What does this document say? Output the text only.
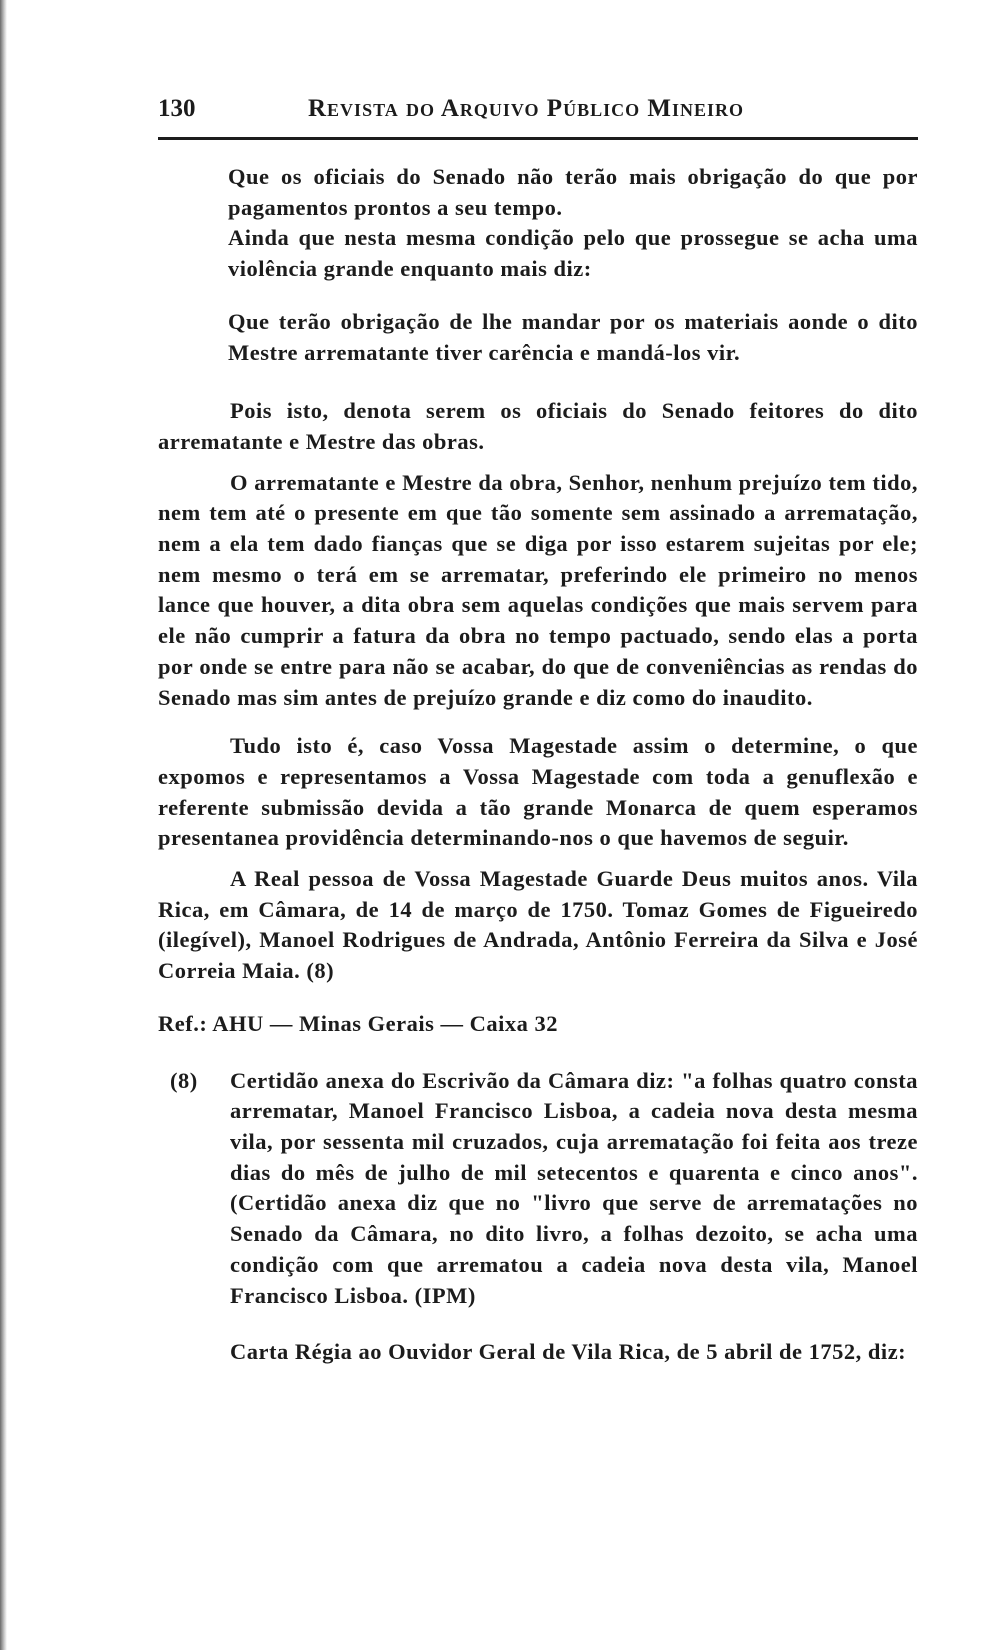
130	Revista do Arquivo Público Mineiro

Que os oficiais do Senado não terão mais obrigação do que por pagamentos prontos a seu tempo.

Ainda que nesta mesma condição pelo que prossegue se acha uma violência grande enquanto mais diz:

Que terão obrigação de lhe mandar por os materiais aonde o dito Mestre arrematante tiver carência e mandá-los vir.

Pois isto, denota serem os oficiais do Senado feitores do dito arrematante e Mestre das obras.

O arrematante e Mestre da obra, Senhor, nenhum prejuízo tem tido, nem tem até o presente em que tão somente sem assinado a arrematação, nem a ela tem dado fianças que se diga por isso estarem sujeitas por ele; nem mesmo o terá em se arrematar, preferindo ele primeiro no menos lance que houver, a dita obra sem aquelas condições que mais servem para ele não cumprir a fatura da obra no tempo pactuado, sendo elas a porta por onde se entre para não se acabar, do que de conveniências as rendas do Senado mas sim antes de prejuízo grande e diz como do inaudito.

Tudo isto é, caso Vossa Magestade assim o determine, o que expomos e representamos a Vossa Magestade com toda a genuflexão e referente submissão devida a tão grande Monarca de quem esperamos presentanea providência determinando-nos o que havemos de seguir.

A Real pessoa de Vossa Magestade Guarde Deus muitos anos. Vila Rica, em Câmara, de 14 de março de 1750. Tomaz Gomes de Figueiredo (ilegível), Manoel Rodrigues de Andrada, Antônio Ferreira da Silva e José Correia Maia. (8)

Ref.: AHU — Minas Gerais — Caixa 32

(8)	Certidão anexa do Escrivão da Câmara diz: "a folhas quatro consta arrematar, Manoel Francisco Lisboa, a cadeia nova desta mesma vila, por sessenta mil cruzados, cuja arrematação foi feita aos treze dias do mês de julho de mil setecentos e quarenta e cinco anos". (Certidão anexa diz que no "livro que serve de arrematações no Senado da Câmara, no dito livro, a folhas dezoito, se acha uma condição com que arrematou a cadeia nova desta vila, Manoel Francisco Lisboa. (IPM)

Carta Régia ao Ouvidor Geral de Vila Rica, de 5 abril de 1752, diz:
